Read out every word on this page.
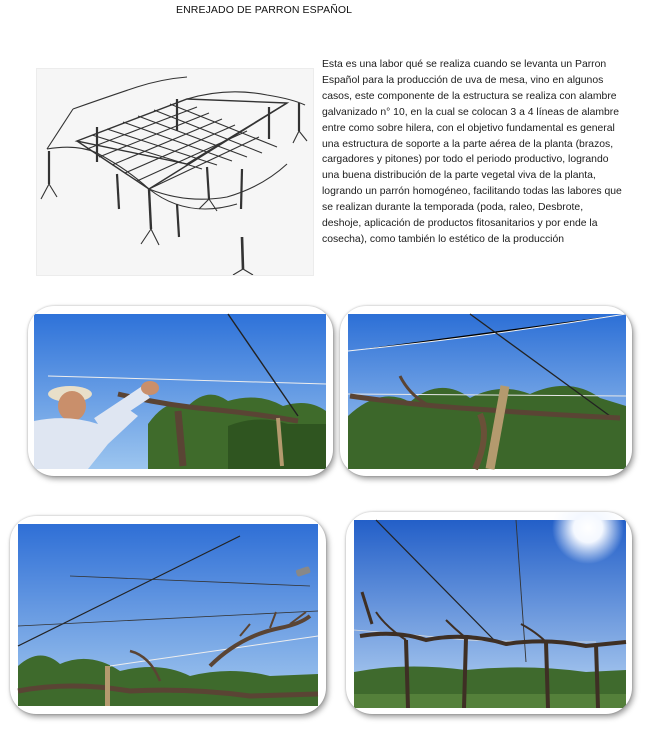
ENREJADO DE PARRON ESPAÑOL
Esta es una labor qué se realiza cuando se levanta un Parron Español para la producción de uva de mesa, vino en algunos casos, este componente de la estructura se realiza con alambre galvanizado n° 10, en la cual se colocan 3 a 4 líneas de alambre entre como sobre hilera, con el objetivo fundamental es general una estructura de soporte a la parte aérea de la planta (brazos, cargadores y pitones) por todo el periodo productivo, logrando una buena distribución de la parte vegetal viva de la planta, logrando un parrón homogéneo, facilitando todas las labores que se realizan durante la temporada (poda, raleo, Desbrote, deshoje, aplicación de productos fitosanitarios y por ende la cosecha), como también lo estético de la producción
